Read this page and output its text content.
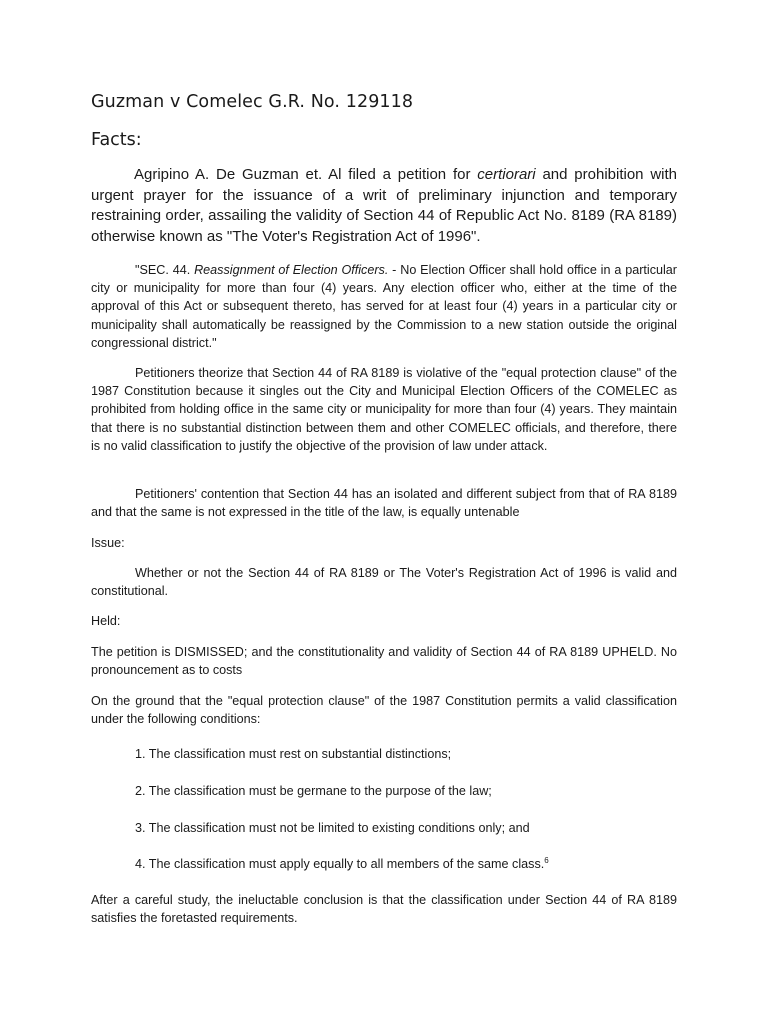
Guzman v Comelec G.R. No. 129118
Facts:

Agripino A. De Guzman et. Al filed a petition for certiorari and prohibition with urgent prayer for the issuance of a writ of preliminary injunction and temporary restraining order, assailing the validity of Section 44 of Republic Act No. 8189 (RA 8189) otherwise known as "The Voter's Registration Act of 1996".

"SEC. 44. Reassignment of Election Officers. - No Election Officer shall hold office in a particular city or municipality for more than four (4) years. Any election officer who, either at the time of the approval of this Act or subsequent thereto, has served for at least four (4) years in a particular city or municipality shall automatically be reassigned by the Commission to a new station outside the original congressional district."

Petitioners theorize that Section 44 of RA 8189 is violative of the "equal protection clause" of the 1987 Constitution because it singles out the City and Municipal Election Officers of the COMELEC as prohibited from holding office in the same city or municipality for more than four (4) years. They maintain that there is no substantial distinction between them and other COMELEC officials, and therefore, there is no valid classification to justify the objective of the provision of law under attack.

Petitioners' contention that Section 44 has an isolated and different subject from that of RA 8189 and that the same is not expressed in the title of the law, is equally untenable

Issue:

Whether or not the Section 44 of RA 8189 or The Voter's Registration Act of 1996 is valid and constitutional.

Held:

The petition is DISMISSED; and the constitutionality and validity of Section 44 of RA 8189 UPHELD. No pronouncement as to costs

On the ground that the "equal protection clause" of the 1987 Constitution permits a valid classification under the following conditions:

1. The classification must rest on substantial distinctions;

2. The classification must be germane to the purpose of the law;

3. The classification must not be limited to existing conditions only; and

4. The classification must apply equally to all members of the same class.$^6$

After a careful study, the ineluctable conclusion is that the classification under Section 44 of RA 8189 satisfies the foretasted requirements.
